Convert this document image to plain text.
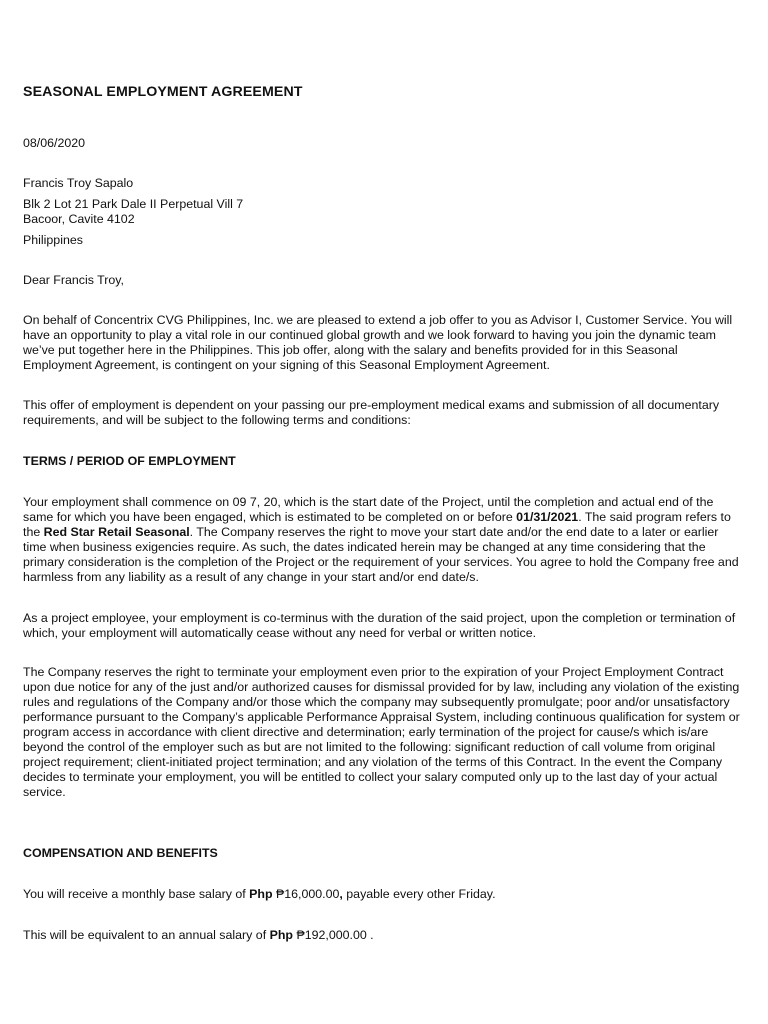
SEASONAL EMPLOYMENT AGREEMENT
08/06/2020
Francis Troy Sapalo
Blk 2 Lot 21 Park Dale II Perpetual Vill 7
Bacoor, Cavite 4102
Philippines
Dear Francis Troy,

On behalf of Concentrix CVG Philippines, Inc. we are pleased to extend a job offer to you as Advisor I, Customer Service. You will have an opportunity to play a vital role in our continued global growth and we look forward to having you join the dynamic team we’ve put together here in the Philippines. This job offer, along with the salary and benefits provided for in this Seasonal Employment Agreement, is contingent on your signing of this Seasonal Employment Agreement.

This offer of employment is dependent on your passing our pre-employment medical exams and submission of all documentary requirements, and will be subject to the following terms and conditions:

TERMS / PERIOD OF EMPLOYMENT

Your employment shall commence on 09 7, 20, which is the start date of the Project, until the completion and actual end of the same for which you have been engaged, which is estimated to be completed on or before 01/31/2021. The said program refers to the Red Star Retail Seasonal. The Company reserves the right to move your start date and/or the end date to a later or earlier time when business exigencies require. As such, the dates indicated herein may be changed at any time considering that the primary consideration is the completion of the Project or the requirement of your services. You agree to hold the Company free and harmless from any liability as a result of any change in your start and/or end date/s.

As a project employee, your employment is co-terminus with the duration of the said project, upon the completion or termination of which, your employment will automatically cease without any need for verbal or written notice.

The Company reserves the right to terminate your employment even prior to the expiration of your Project Employment Contract upon due notice for any of the just and/or authorized causes for dismissal provided for by law, including any violation of the existing rules and regulations of the Company and/or those which the company may subsequently promulgate; poor and/or unsatisfactory performance pursuant to the Company’s applicable Performance Appraisal System, including continuous qualification for system or program access in accordance with client directive and determination; early termination of the project for cause/s which is/are beyond the control of the employer such as but are not limited to the following: significant reduction of call volume from original project requirement; client-initiated project termination; and any violation of the terms of this Contract. In the event the Company decides to terminate your employment, you will be entitled to collect your salary computed only up to the last day of your actual service.

COMPENSATION AND BENEFITS

You will receive a monthly base salary of Php ₱16,000.00, payable every other Friday.

This will be equivalent to an annual salary of Php ₱192,000.00 .
